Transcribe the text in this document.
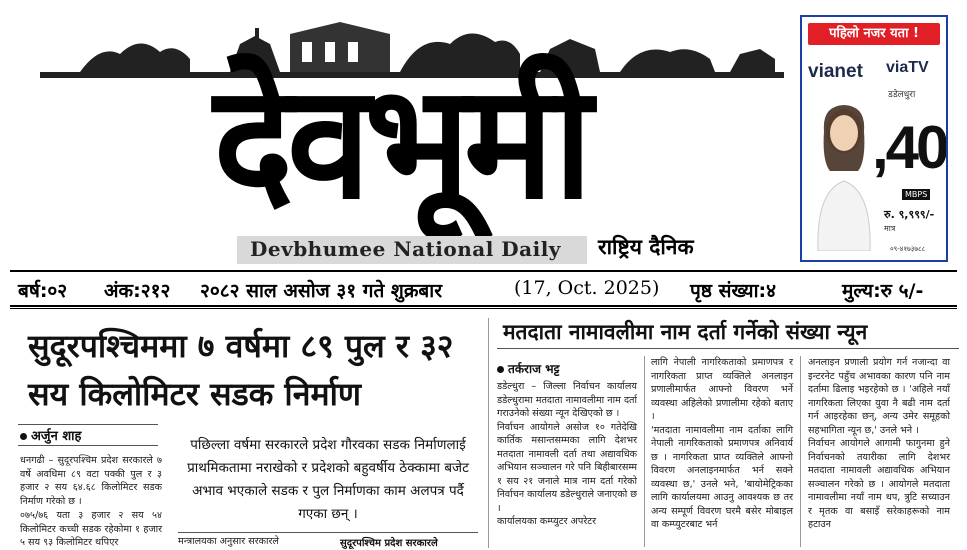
देवभूमी
Devbhumee National Daily राष्ट्रिय दैनिक
पहिलो नजर यता !
vianet viaTV
डडेलधुरा
,40
MBPS
रु. ९,९९९/-
मात्र
०९-४१७३७८८
बर्ष:०२ अंक:२१२ २०८२ साल असोज ३१ गते शुक्रबार	(17, Oct. 2025) पृष्ठ संख्या:४	मुल्य:रु ५/-
सुदूरपश्चिममा ७ वर्षमा ८९ पुल र ३२ सय किलोमिटर सडक निर्माण
अर्जुन शाह
धनगढी – सुदूरपश्चिम प्रदेश सरकारले ७ वर्षे अवधिमा ८९ वटा पक्की पुल र ३ हजार २ सय ६४.६८ किलोमिटर सडक निर्माण गरेको छ ।
०७५/७६ यता ३ हजार २ सय ५४ किलोमिटर कच्ची सडक रहेकोमा १ हजार ५ सय ९३ किलोमिटर थपिएर
पछिल्ला वर्षमा सरकारले प्रदेश गौरवका सडक निर्माणलाई प्राथमिकतामा नराखेको र प्रदेशको बहुवर्षीय ठेक्कामा बजेट अभाव भएकाले सडक र पुल निर्माणका काम अलपत्र पर्दै गएका छन् ।
मन्त्रालयका अनुसार सरकारले	सुदूरपश्चिम प्रदेश सरकारले
मतदाता नामावलीमा नाम दर्ता गर्नेको संख्या न्यून
तर्कराज भट्ट
डडेल्धुरा – जिल्ला निर्वाचन कार्यालय डडेल्धुरामा मतदाता नामावलीमा नाम दर्ता गराउनेको संख्या न्यून देखिएको छ ।
निर्वाचन आयोगले असोज १० गतेदेखि कार्तिक मसान्तसम्मका लागि देशभर मतदाता नामावली दर्ता तथा अद्यावधिक अभियान सञ्चालन गरे पनि बिहीबारसम्म १ सय २१ जनाले मात्र नाम दर्ता गरेको निर्वाचन कार्यालय डडेल्धुराले जनाएको छ ।
कार्यालयका कम्प्युटर अपरेटर
लागि नेपाली नागरिकताको प्रमाणपत्र र नागरिकता प्राप्त व्यक्तिले अनलाइन प्रणालीमार्फत आफ्नो विवरण भर्ने व्यवस्था अहिलेको प्रणालीमा रहेको बताए ।
'मतदाता नामावलीमा नाम दर्ताका लागि नेपाली नागरिकताको प्रमाणपत्र अनिवार्य छ । नागरिकता प्राप्त व्यक्तिले आफ्नो विवरण अनलाइनमार्फत भर्न सक्ने व्यवस्था छ,' उनले भने, 'बायोमेट्रिकका लागि कार्यालयमा आउनु आवश्यक छ तर अन्य सम्पूर्ण विवरण घरमै बसेर मोबाइल वा कम्प्युटरबाट भर्न
अनलाइन प्रणाली प्रयोग गर्न नजान्दा वा इन्टरनेट पहुँच अभावका कारण पनि नाम दर्तामा ढिलाइ भइरहेको छ । 'अहिले नयाँ नागरिकता लिएका युवा नै बढी नाम दर्ता गर्न आइरहेका छन्, अन्य उमेर समूहको सहभागिता न्यून छ,' उनले भने ।
निर्वाचन आयोगले आगामी फागुनमा हुने निर्वाचनको तयारीका लागि देशभर मतदाता नामावली अद्यावधिक अभियान सञ्चालन गरेको छ । आयोगले मतदाता नामावलीमा नयाँ नाम थप, त्रुटि सच्याउन र मृतक वा बसाइँ सरेकाहरूको नाम हटाउन
